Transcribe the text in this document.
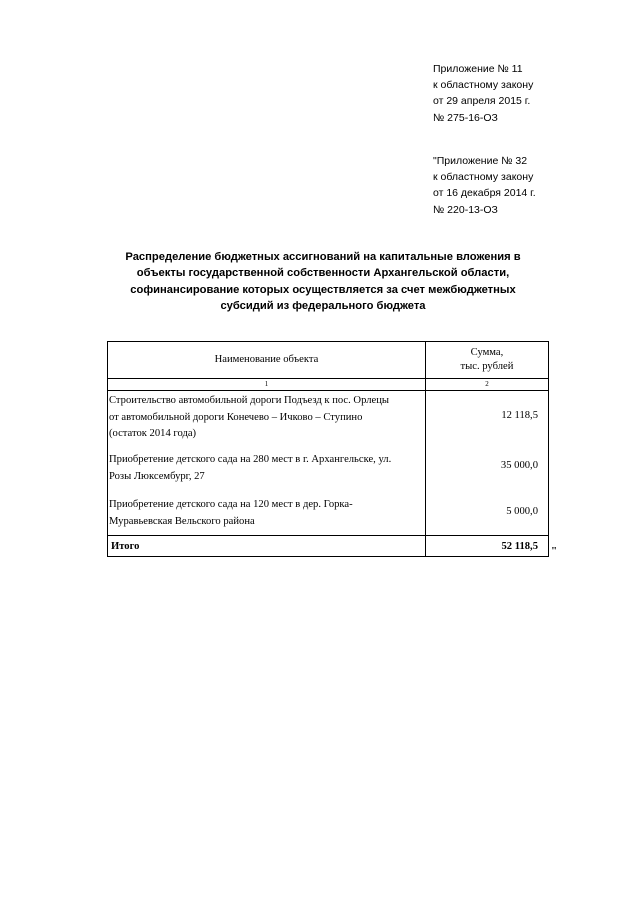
Приложение № 11
к областному закону
от 29 апреля 2015 г.
№ 275-16-ОЗ
"Приложение № 32
к областному закону
от 16 декабря 2014 г.
№ 220-13-ОЗ
Распределение бюджетных ассигнований на капитальные вложения в
объекты государственной собственности Архангельской области,
софинансирование которых осуществляется за счет межбюджетных
субсидий из федерального бюджета
Наименование объекта	Сумма,
тыс. рублей

1	2

Строительство автомобильной дороги Подъезд к пос. Орлецы
от автомобильной дороги Конечево – Ичково – Ступино
(остаток 2014 года)	12 118,5

Приобретение детского сада на 280 мест в г. Архангельске, ул.
Розы Люксембург, 27	35 000,0

Приобретение детского сада на 120 мест в дер. Горка-
Муравьевская Вельского района	5 000,0
Итого	52 118,5 "
